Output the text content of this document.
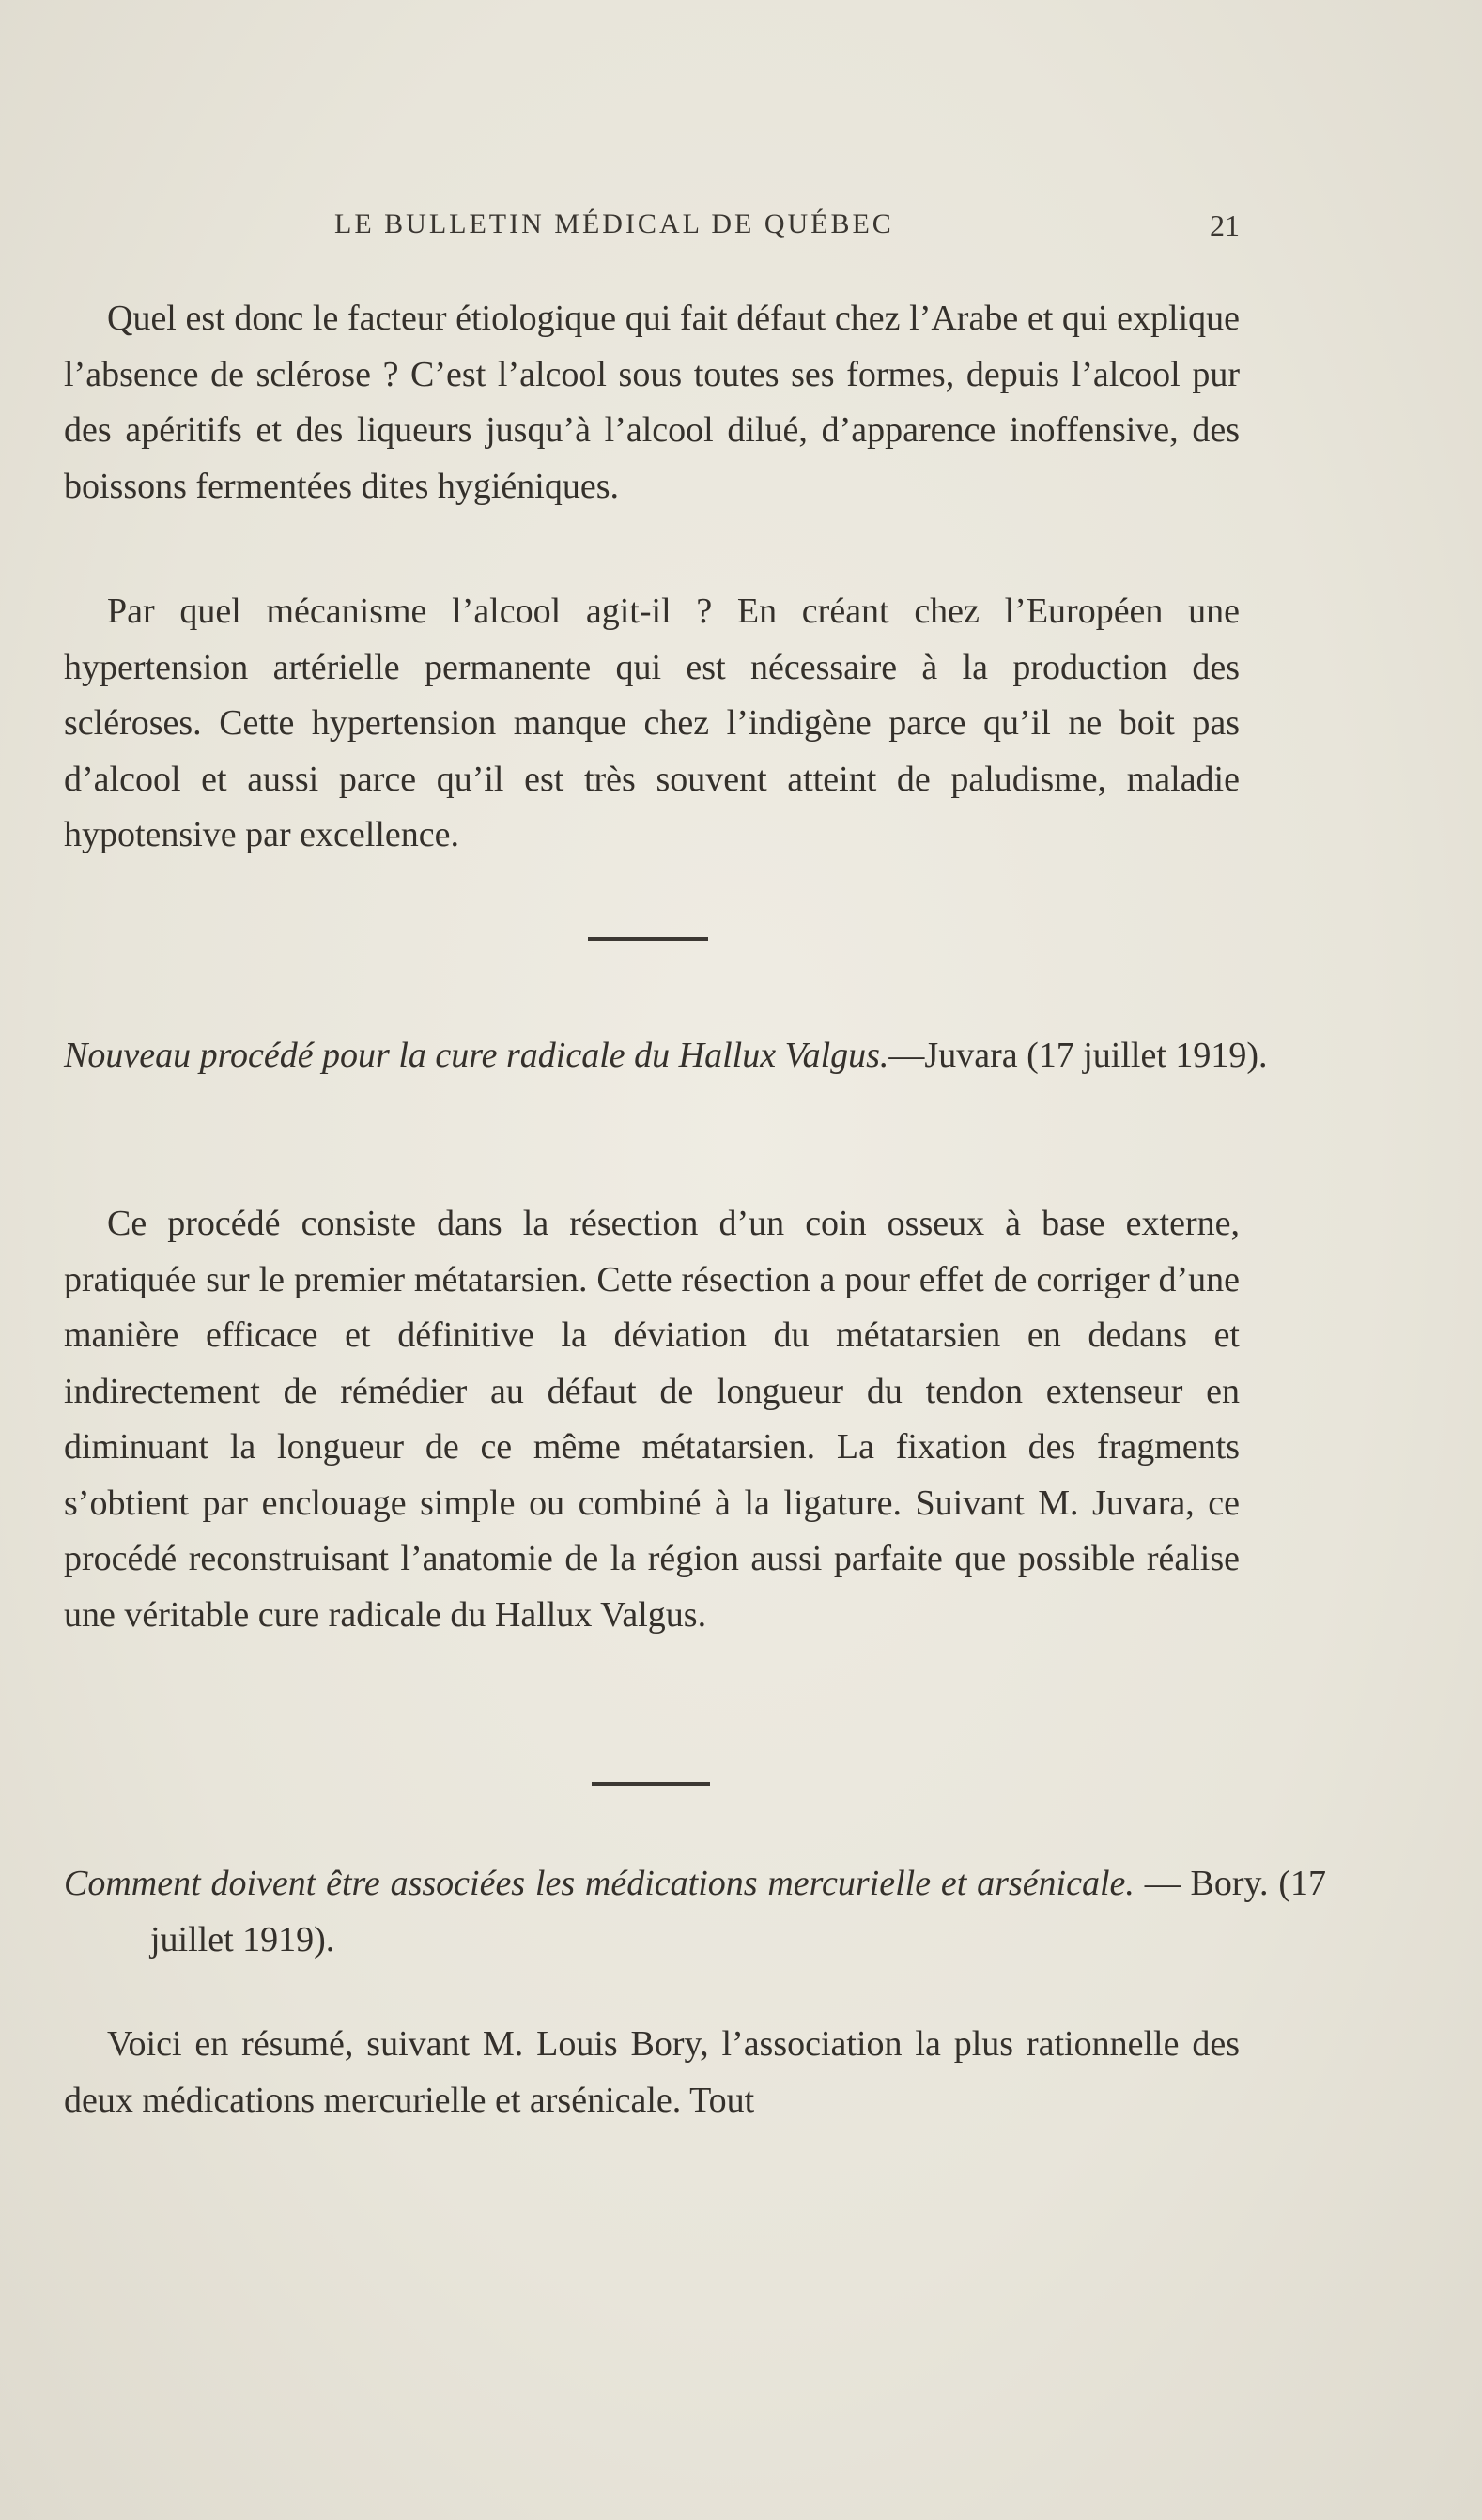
LE BULLETIN MÉDICAL DE QUÉBEC	21

Quel est donc le facteur étiologique qui fait défaut chez l’Arabe et qui explique l’absence de sclérose ? C’est l’alcool sous toutes ses formes, depuis l’alcool pur des apéritifs et des liqueurs jusqu’à l’alcool dilué, d’apparence inoffensive, des boissons fermentées dites hygiéniques.

Par quel mécanisme l’alcool agit-il ? En créant chez l’Européen une hypertension artérielle permanente qui est nécessaire à la production des scléroses. Cette hypertension manque chez l’indigène parce qu’il ne boit pas d’alcool et aussi parce qu’il est très souvent atteint de paludisme, maladie hypotensive par excellence.

Nouveau procédé pour la cure radicale du Hallux Valgus.—Juvara (17 juillet 1919).

Ce procédé consiste dans la résection d’un coin osseux à base externe, pratiquée sur le premier métatarsien. Cette résection a pour effet de corriger d’une manière efficace et définitive la déviation du métatarsien en dedans et indirectement de rémédier au défaut de longueur du tendon extenseur en diminuant la longueur de ce même métatarsien. La fixation des fragments s’obtient par enclouage simple ou combiné à la ligature. Suivant M. Juvara, ce procédé reconstruisant l’anatomie de la région aussi parfaite que possible réalise une véritable cure radicale du Hallux Valgus.

Comment doivent être associées les médications mercurielle et arsénicale. — Bory. (17 juillet 1919).

Voici en résumé, suivant M. Louis Bory, l’association la plus rationnelle des deux médications mercurielle et arsénicale. Tout
